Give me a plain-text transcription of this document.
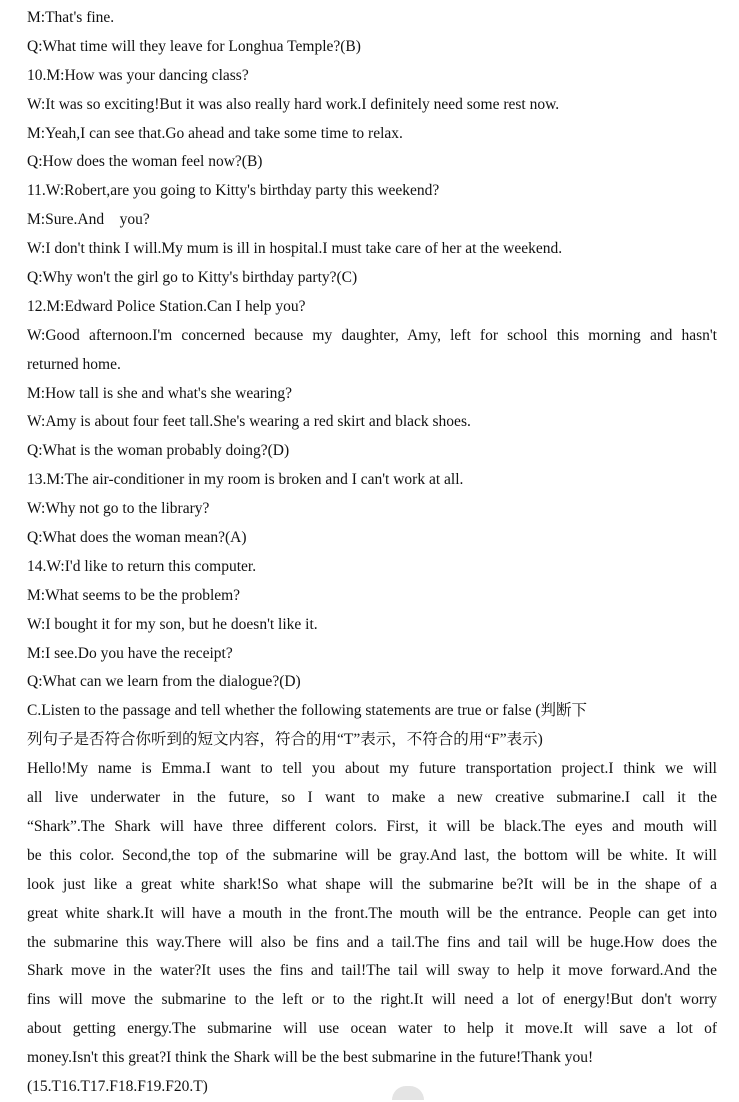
M:That's fine.
Q:What time will they leave for Longhua Temple?(B)
10.M:How was your dancing class?
W:It was so exciting!But it was also really hard work.I definitely need some rest now.
M:Yeah,I can see that.Go ahead and take some time to relax.
Q:How does the woman feel now?(B)
11.W:Robert,are you going to Kitty's birthday party this weekend?
M:Sure.And    you?
W:I don't think I will.My mum is ill in hospital.I must take care of her at the weekend.
Q:Why won't the girl go to Kitty's birthday party?(C)
12.M:Edward Police Station.Can I help you?
W:Good afternoon.I'm concerned because my daughter, Amy, left for school this morning and hasn't
returned home.
M:How tall is she and what's she wearing?
W:Amy is about four feet tall.She's wearing a red skirt and black shoes.
Q:What is the woman probably doing?(D)
13.M:The air-conditioner in my room is broken and I can't work at all.
W:Why not go to the library?
Q:What does the woman mean?(A)
14.W:I'd like to return this computer.
M:What seems to be the problem?
W:I bought it for my son, but he doesn't like it.
M:I see.Do you have the receipt?
Q:What can we learn from the dialogue?(D)
C.Listen to the passage and tell whether the following statements are true or false (判断下
列句子是否符合你听到的短文内容，符合的用“T”表示，不符合的用“F”表示)
Hello!My name is Emma.I want to tell you about my future transportation project.I think we will
all live underwater in the future, so I want to make a new creative submarine.I call it the
“Shark”.The Shark will have three different colors. First, it will be black.The eyes and mouth will
be this color. Second,the top of the submarine will be gray.And last, the bottom will be white. It will
look just like a great white shark!So what shape will the submarine be?It will be in the shape of a
great white shark.It will have a mouth in the front.The mouth will be the entrance. People can get into
the submarine this way.There will also be fins and a tail.The fins and tail will be huge.How does the
Shark move in the water?It uses the fins and tail!The tail will sway to help it move forward.And the
fins will move the submarine to the left or to the right.It will need a lot of energy!But don't worry
about getting energy.The submarine will use ocean water to help it move.It will save a lot of
money.Isn't this great?I think the Shark will be the best submarine in the future!Thank you!
(15.T16.T17.F18.F19.F20.T)
